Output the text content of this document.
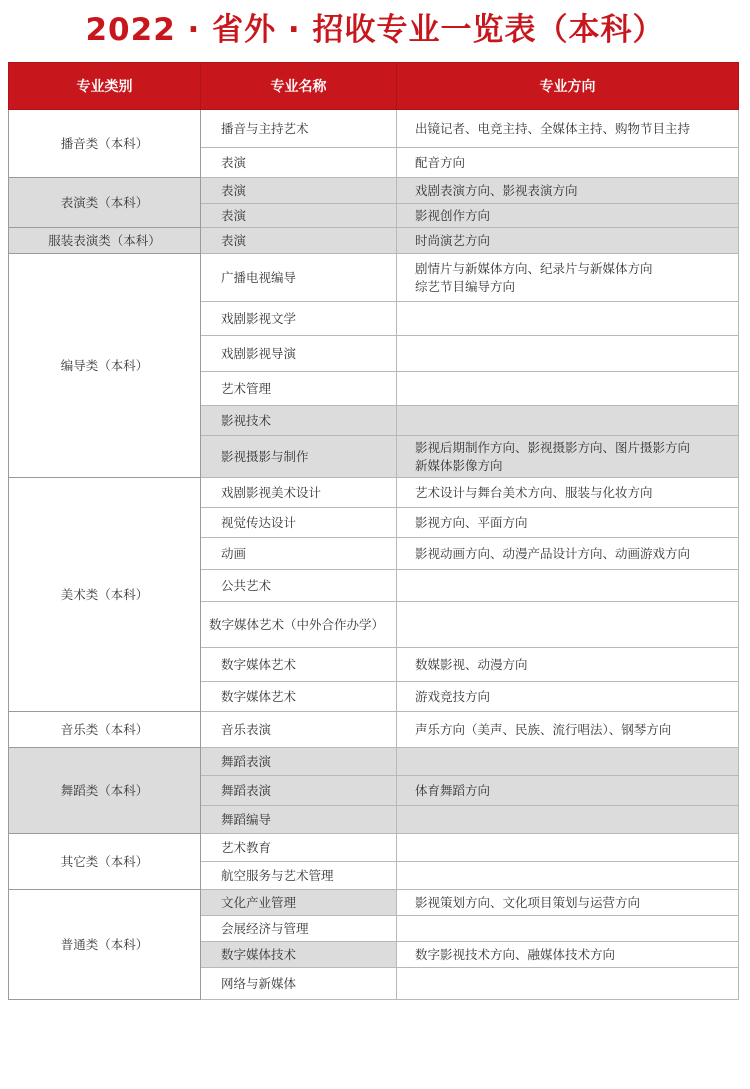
2022 · 省外 · 招收专业一览表（本科）
专业类别	专业名称	专业方向
播音类（本科）	播音与主持艺术	出镜记者、电竞主持、全媒体主持、购物节目主持

	表演	配音方向

表演类（本科）	表演	戏剧表演方向、影视表演方向

	表演	影视创作方向

服装表演类（本科）	表演	时尚演艺方向

编导类（本科）	广播电视编导	剧情片与新媒体方向、纪录片与新媒体方向
综艺节目编导方向

	戏剧影视文学	
	戏剧影视导演	
	艺术管理	
	影视技术	
	影视摄影与制作	影视后期制作方向、影视摄影方向、图片摄影方向
新媒体影像方向

美术类（本科）	戏剧影视美术设计	艺术设计与舞台美术方向、服装与化妆方向

	视觉传达设计	影视方向、平面方向

	动画	影视动画方向、动漫产品设计方向、动画游戏方向

	公共艺术	
	数字媒体艺术（中外合作办学）	
	数字媒体艺术	数媒影视、动漫方向

	数字媒体艺术	游戏竞技方向

音乐类（本科）	音乐表演	声乐方向（美声、民族、流行唱法）、钢琴方向

舞蹈类（本科）	舞蹈表演	
	舞蹈表演	体育舞蹈方向

	舞蹈编导	
其它类（本科）	艺术教育	
	航空服务与艺术管理	
普通类（本科）	文化产业管理	影视策划方向、文化项目策划与运营方向

	会展经济与管理	
	数字媒体技术	数字影视技术方向、融媒体技术方向

	网络与新媒体	
